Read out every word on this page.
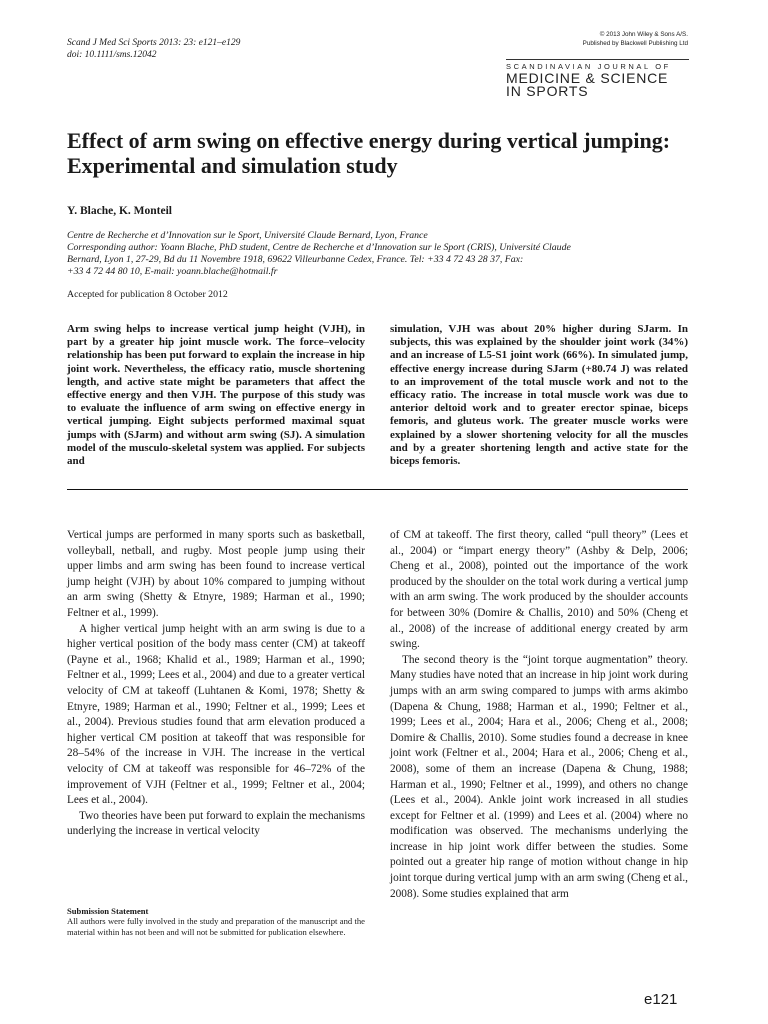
Scand J Med Sci Sports 2013: 23: e121–e129
doi: 10.1111/sms.12042
© 2013 John Wiley & Sons A/S.
Published by Blackwell Publishing Ltd
SCANDINAVIAN JOURNAL OF
MEDICINE & SCIENCE
IN SPORTS
Effect of arm swing on effective energy during vertical jumping:
Experimental and simulation study
Y. Blache, K. Monteil
Centre de Recherche et d’Innovation sur le Sport, Université Claude Bernard, Lyon, France
Corresponding author: Yoann Blache, PhD student, Centre de Recherche et d’Innovation sur le Sport (CRIS), Université Claude
Bernard, Lyon 1, 27-29, Bd du 11 Novembre 1918, 69622 Villeurbanne Cedex, France. Tel: +33 4 72 43 28 37, Fax:
+33 4 72 44 80 10, E-mail: yoann.blache@hotmail.fr
Accepted for publication 8 October 2012
Arm swing helps to increase vertical jump height (VJH), in part by a greater hip joint muscle work. The force–velocity relationship has been put forward to explain the increase in hip joint work. Nevertheless, the efficacy ratio, muscle shortening length, and active state might be parameters that affect the effective energy and then VJH. The purpose of this study was to evaluate the influence of arm swing on effective energy in vertical jumping. Eight subjects performed maximal squat jumps with (SJarm) and without arm swing (SJ). A simulation model of the musculo-skeletal system was applied. For subjects and
simulation, VJH was about 20% higher during SJarm. In subjects, this was explained by the shoulder joint work (34%) and an increase of L5-S1 joint work (66%). In simulated jump, effective energy increase during SJarm (+80.74 J) was related to an improvement of the total muscle work and not to the efficacy ratio. The increase in total muscle work was due to anterior deltoid work and to greater erector spinae, biceps femoris, and gluteus work. The greater muscle works were explained by a slower shortening velocity for all the muscles and by a greater shortening length and active state for the biceps femoris.

Vertical jumps are performed in many sports such as basketball, volleyball, netball, and rugby. Most people jump using their upper limbs and arm swing has been found to increase vertical jump height (VJH) by about 10% compared to jumping without an arm swing (Shetty & Etnyre, 1989; Harman et al., 1990; Feltner et al., 1999).

A higher vertical jump height with an arm swing is due to a higher vertical position of the body mass center (CM) at takeoff (Payne et al., 1968; Khalid et al., 1989; Harman et al., 1990; Feltner et al., 1999; Lees et al., 2004) and due to a greater vertical velocity of CM at takeoff (Luhtanen & Komi, 1978; Shetty & Etnyre, 1989; Harman et al., 1990; Feltner et al., 1999; Lees et al., 2004). Previous studies found that arm elevation produced a higher vertical CM position at takeoff that was responsible for 28–54% of the increase in VJH. The increase in the vertical velocity of CM at takeoff was responsible for 46–72% of the improvement of VJH (Feltner et al., 1999; Feltner et al., 2004; Lees et al., 2004).

Two theories have been put forward to explain the mechanisms underlying the increase in vertical velocity

of CM at takeoff. The first theory, called “pull theory” (Lees et al., 2004) or “impart energy theory” (Ashby & Delp, 2006; Cheng et al., 2008), pointed out the importance of the work produced by the shoulder on the total work during a vertical jump with an arm swing. The work produced by the shoulder accounts for between 30% (Domire & Challis, 2010) and 50% (Cheng et al., 2008) of the increase of additional energy created by arm swing.

The second theory is the “joint torque augmentation” theory. Many studies have noted that an increase in hip joint work during jumps with an arm swing compared to jumps with arms akimbo (Dapena & Chung, 1988; Harman et al., 1990; Feltner et al., 1999; Lees et al., 2004; Hara et al., 2006; Cheng et al., 2008; Domire & Challis, 2010). Some studies found a decrease in knee joint work (Feltner et al., 2004; Hara et al., 2006; Cheng et al., 2008), some of them an increase (Dapena & Chung, 1988; Harman et al., 1990; Feltner et al., 1999), and others no change (Lees et al., 2004). Ankle joint work increased in all studies except for Feltner et al. (1999) and Lees et al. (2004) where no modification was observed. The mechanisms underlying the increase in hip joint work differ between the studies. Some pointed out a greater hip range of motion without change in hip joint torque during vertical jump with an arm swing (Cheng et al., 2008). Some studies explained that arm

Submission Statement
All authors were fully involved in the study and preparation of the manuscript and the material within has not been and will not be submitted for publication elsewhere.
e121
